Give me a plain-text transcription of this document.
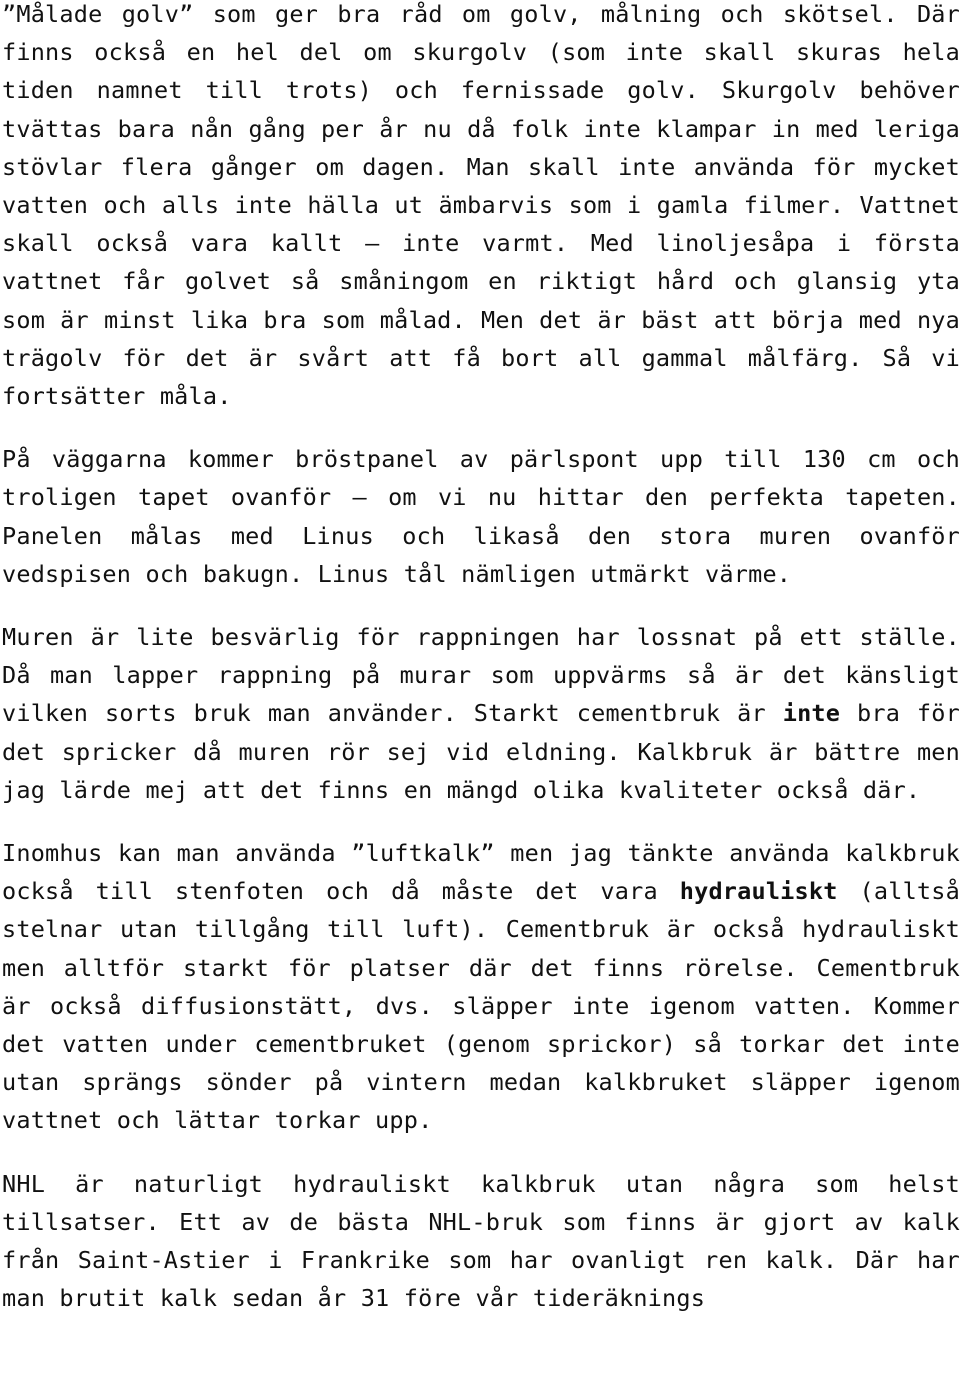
”Målade golv” som ger bra råd om golv, målning och skötsel. Där finns också en hel del om skurgolv (som inte skall skuras hela tiden namnet till trots) och fernissade golv. Skurgolv behöver tvättas bara nån gång per år nu då folk inte klampar in med leriga stövlar flera gånger om dagen. Man skall inte använda för mycket vatten och alls inte hälla ut ämbarvis som i gamla filmer. Vattnet skall också vara kallt – inte varmt. Med linoljesåpa i första vattnet får golvet så småningom en riktigt hård och glansig yta som är minst lika bra som målad. Men det är bäst att börja med nya trägolv för det är svårt att få bort all gammal målfärg. Så vi fortsätter måla.

På väggarna kommer bröstpanel av pärlspont upp till 130 cm och troligen tapet ovanför – om vi nu hittar den perfekta tapeten. Panelen målas med Linus och likaså den stora muren ovanför vedspisen och bakugn. Linus tål nämligen utmärkt värme.

Muren är lite besvärlig för rappningen har lossnat på ett ställe. Då man lapper rappning på murar som uppvärms så är det känsligt vilken sorts bruk man använder. Starkt cementbruk är inte bra för det spricker då muren rör sej vid eldning. Kalkbruk är bättre men jag lärde mej att det finns en mängd olika kvaliteter också där.

Inomhus kan man använda ”luftkalk” men jag tänkte använda kalkbruk också till stenfoten och då måste det vara hydrauliskt (alltså stelnar utan tillgång till luft). Cementbruk är också hydrauliskt men alltför starkt för platser där det finns rörelse. Cementbruk är också diffusionstätt, dvs. släpper inte igenom vatten. Kommer det vatten under cementbruket (genom sprickor) så torkar det inte utan sprängs sönder på vintern medan kalkbruket släpper igenom vattnet och lättar torkar upp.

NHL är naturligt hydrauliskt kalkbruk utan några som helst tillsatser. Ett av de bästa NHL-bruk som finns är gjort av kalk från Saint-Astier i Frankrike som har ovanligt ren kalk. Där har man brutit kalk sedan år 31 före vår tideräknings
